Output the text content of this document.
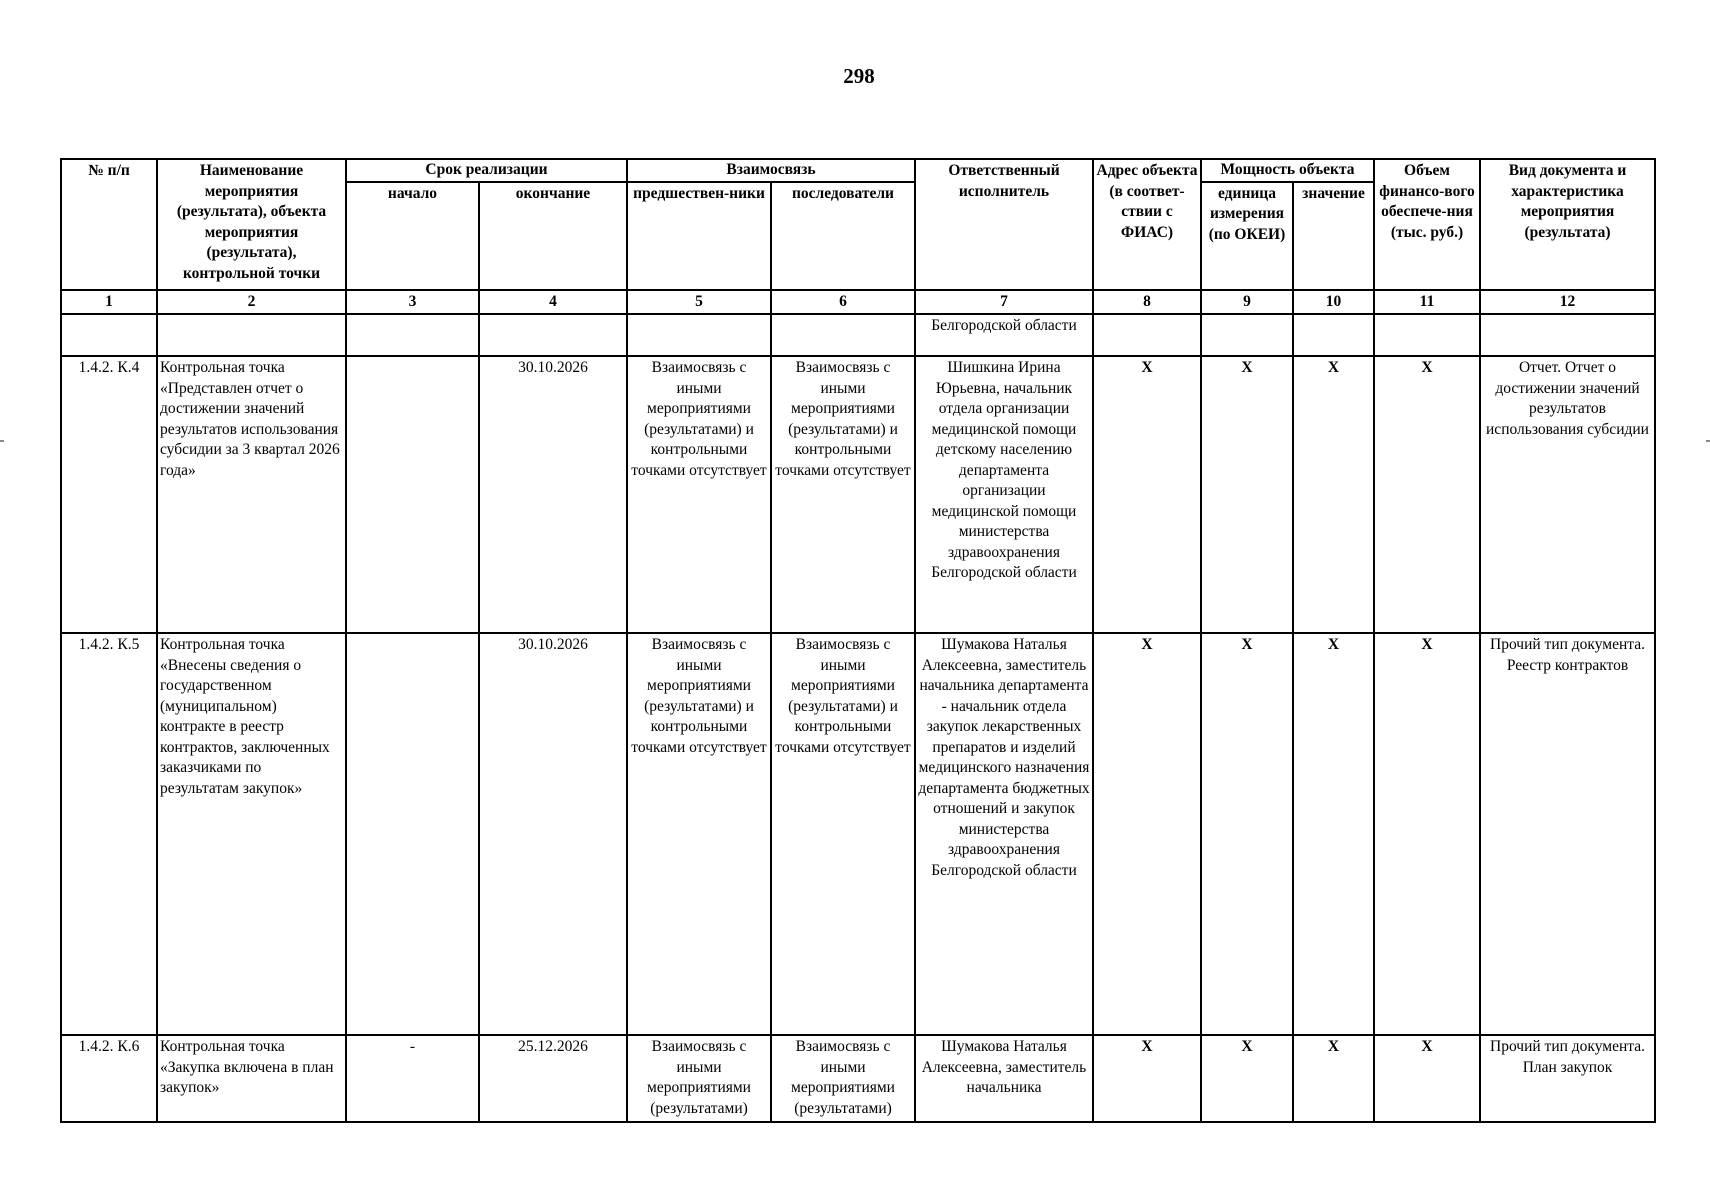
298
№ п/п	Наименование мероприятия (результата), объекта мероприятия (результата), контрольной точки	Срок реализации		Взаимосвязь		Ответственный исполнитель	Адрес объекта (в соответ-ствии с ФИАС)	Мощность объекта		Объем финансо-вого обеспече-ния (тыс. руб.)	Вид документа и характеристика мероприятия (результата)
		начало	окончание	предшествен-ники	последователи			единица измерения (по ОКЕИ)	значение		
1	2	3	4	5	6	7	8	9	10	11	12
						Белгородской области					
1.4.2. К.4	Контрольная точка «Представлен отчет о достижении значений результатов использования субсидии за 3 квартал 2026 года»		30.10.2026	Взаимосвязь с иными мероприятиями (результатами) и контрольными точками отсутствует	Взаимосвязь с иными мероприятиями (результатами) и контрольными точками отсутствует	Шишкина Ирина Юрьевна, начальник отдела организации медицинской помощи детскому населению департамента организации медицинской помощи министерства здравоохранения Белгородской области	Х	Х	Х	Х	Отчет. Отчет о достижении значений результатов использования субсидии
1.4.2. К.5	Контрольная точка «Внесены сведения о государственном (муниципальном) контракте в реестр контрактов, заключенных заказчиками по результатам закупок»		30.10.2026	Взаимосвязь с иными мероприятиями (результатами) и контрольными точками отсутствует	Взаимосвязь с иными мероприятиями (результатами) и контрольными точками отсутствует	Шумакова Наталья Алексеевна, заместитель начальника департамента - начальник отдела закупок лекарственных препаратов и изделий медицинского назначения департамента бюджетных отношений и закупок министерства здравоохранения Белгородской области	Х	Х	Х	Х	Прочий тип документа. Реестр контрактов
1.4.2. К.6	Контрольная точка «Закупка включена в план закупок»	-	25.12.2026	Взаимосвязь с иными мероприятиями (результатами)	Взаимосвязь с иными мероприятиями (результатами)	Шумакова Наталья Алексеевна, заместитель начальника	Х	Х	Х	Х	Прочий тип документа. План закупок
